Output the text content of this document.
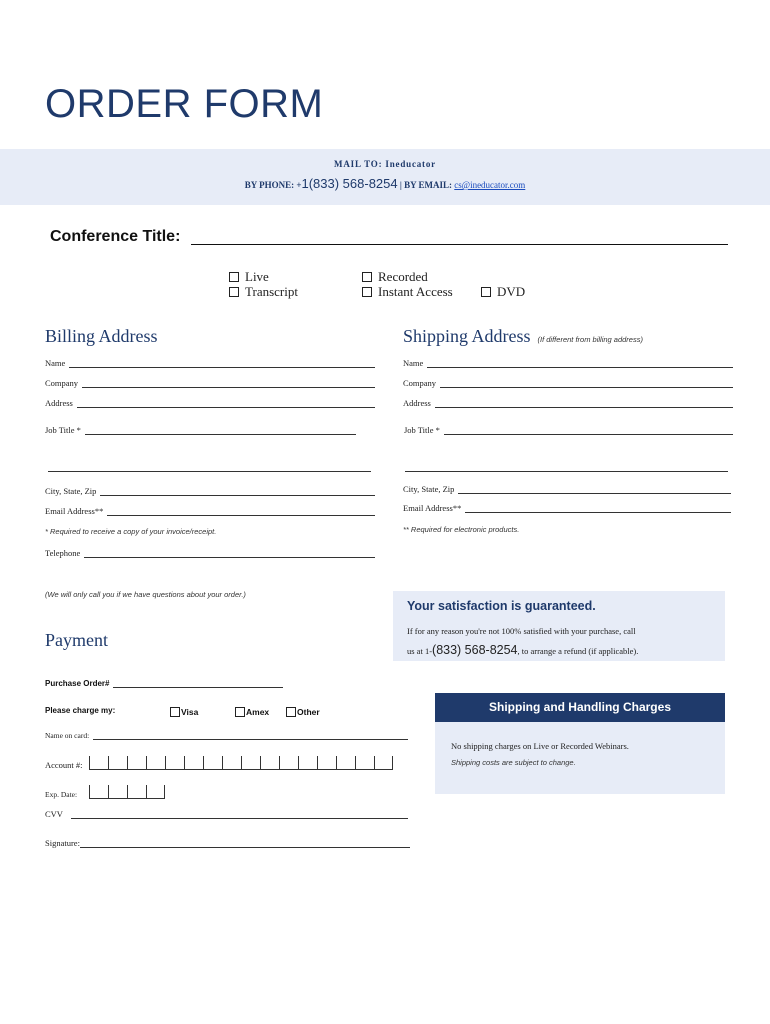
ORDER FORM
MAIL TO: Ineducator
BY PHONE: +1(833) 568-8254 | BY EMAIL: cs@ineducator.com
Conference Title:
Live
Transcript
Recorded
Instant Access	DVD
Billing Address
Name
Company
Address
Job Title *
City, State, Zip
Email Address**
* Required to receive a copy of your invoice/receipt.
Telephone
(We will only call you if we have questions about your order.)
Shipping Address (If different from billing address)
Name
Company
Address
Job Title *
City, State, Zip
Email Address**
** Required for electronic products.
Your satisfaction is guaranteed.
If for any reason you're not 100% satisfied with your purchase, call
us at 1-(833) 568-8254, to arrange a refund (if applicable).
Payment
Purchase Order#
Please charge my:	Visa	Amex	Other
Name on card:
Account #:
Exp. Date:
CVV
Signature:
Shipping and Handling Charges
No shipping charges on Live or Recorded Webinars.
Shipping costs are subject to change.
